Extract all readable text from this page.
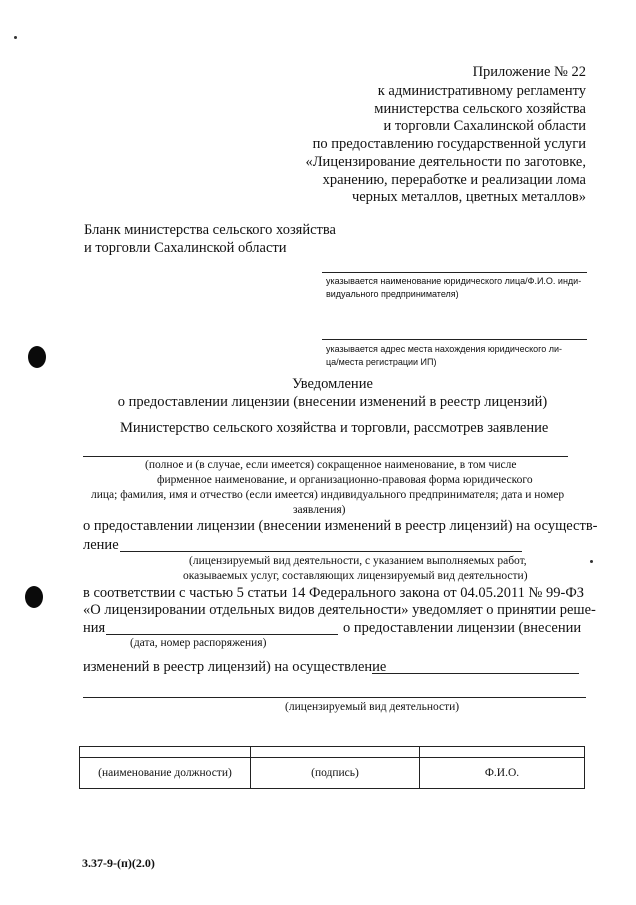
Приложение № 22
к административному регламенту
министерства сельского хозяйства
и торговли Сахалинской области
по предоставлению государственной услуги
«Лицензирование деятельности по заготовке,
хранению, переработке и реализации лома
черных металлов, цветных металлов»
Бланк министерства сельского хозяйства
и торговли Сахалинской области
указывается наименование юридического лица/Ф.И.О. инди-
видуального предпринимателя)
указывается адрес места нахождения юридического ли-
ца/места регистрации ИП)
Уведомление
о предоставлении лицензии (внесении изменений в реестр лицензий)
Министерство сельского хозяйства и торговли, рассмотрев заявление
(полное и (в случае, если имеется) сокращенное наименование, в том числе
фирменное наименование, и организационно-правовая форма юридического
лица; фамилия, имя и отчество (если имеется) индивидуального предпринимателя; дата и номер
заявления)
о предоставлении лицензии (внесении изменений в реестр лицензий) на осуществ-
ление
(лицензируемый вид деятельности, с указанием выполняемых работ,
оказываемых услуг, составляющих лицензируемый вид деятельности)
в соответствии с частью 5 статьи 14 Федерального закона от 04.05.2011 № 99-ФЗ
«О лицензировании отдельных видов деятельности» уведомляет о принятии реше-
ния	о предоставлении лицензии (внесении
(дата, номер распоряжения)
изменений в реестр лицензий) на осуществление
(лицензируемый вид деятельности)

(наименование должности)	(подпись)	Ф.И.О.
3.37-9-(п)(2.0)
